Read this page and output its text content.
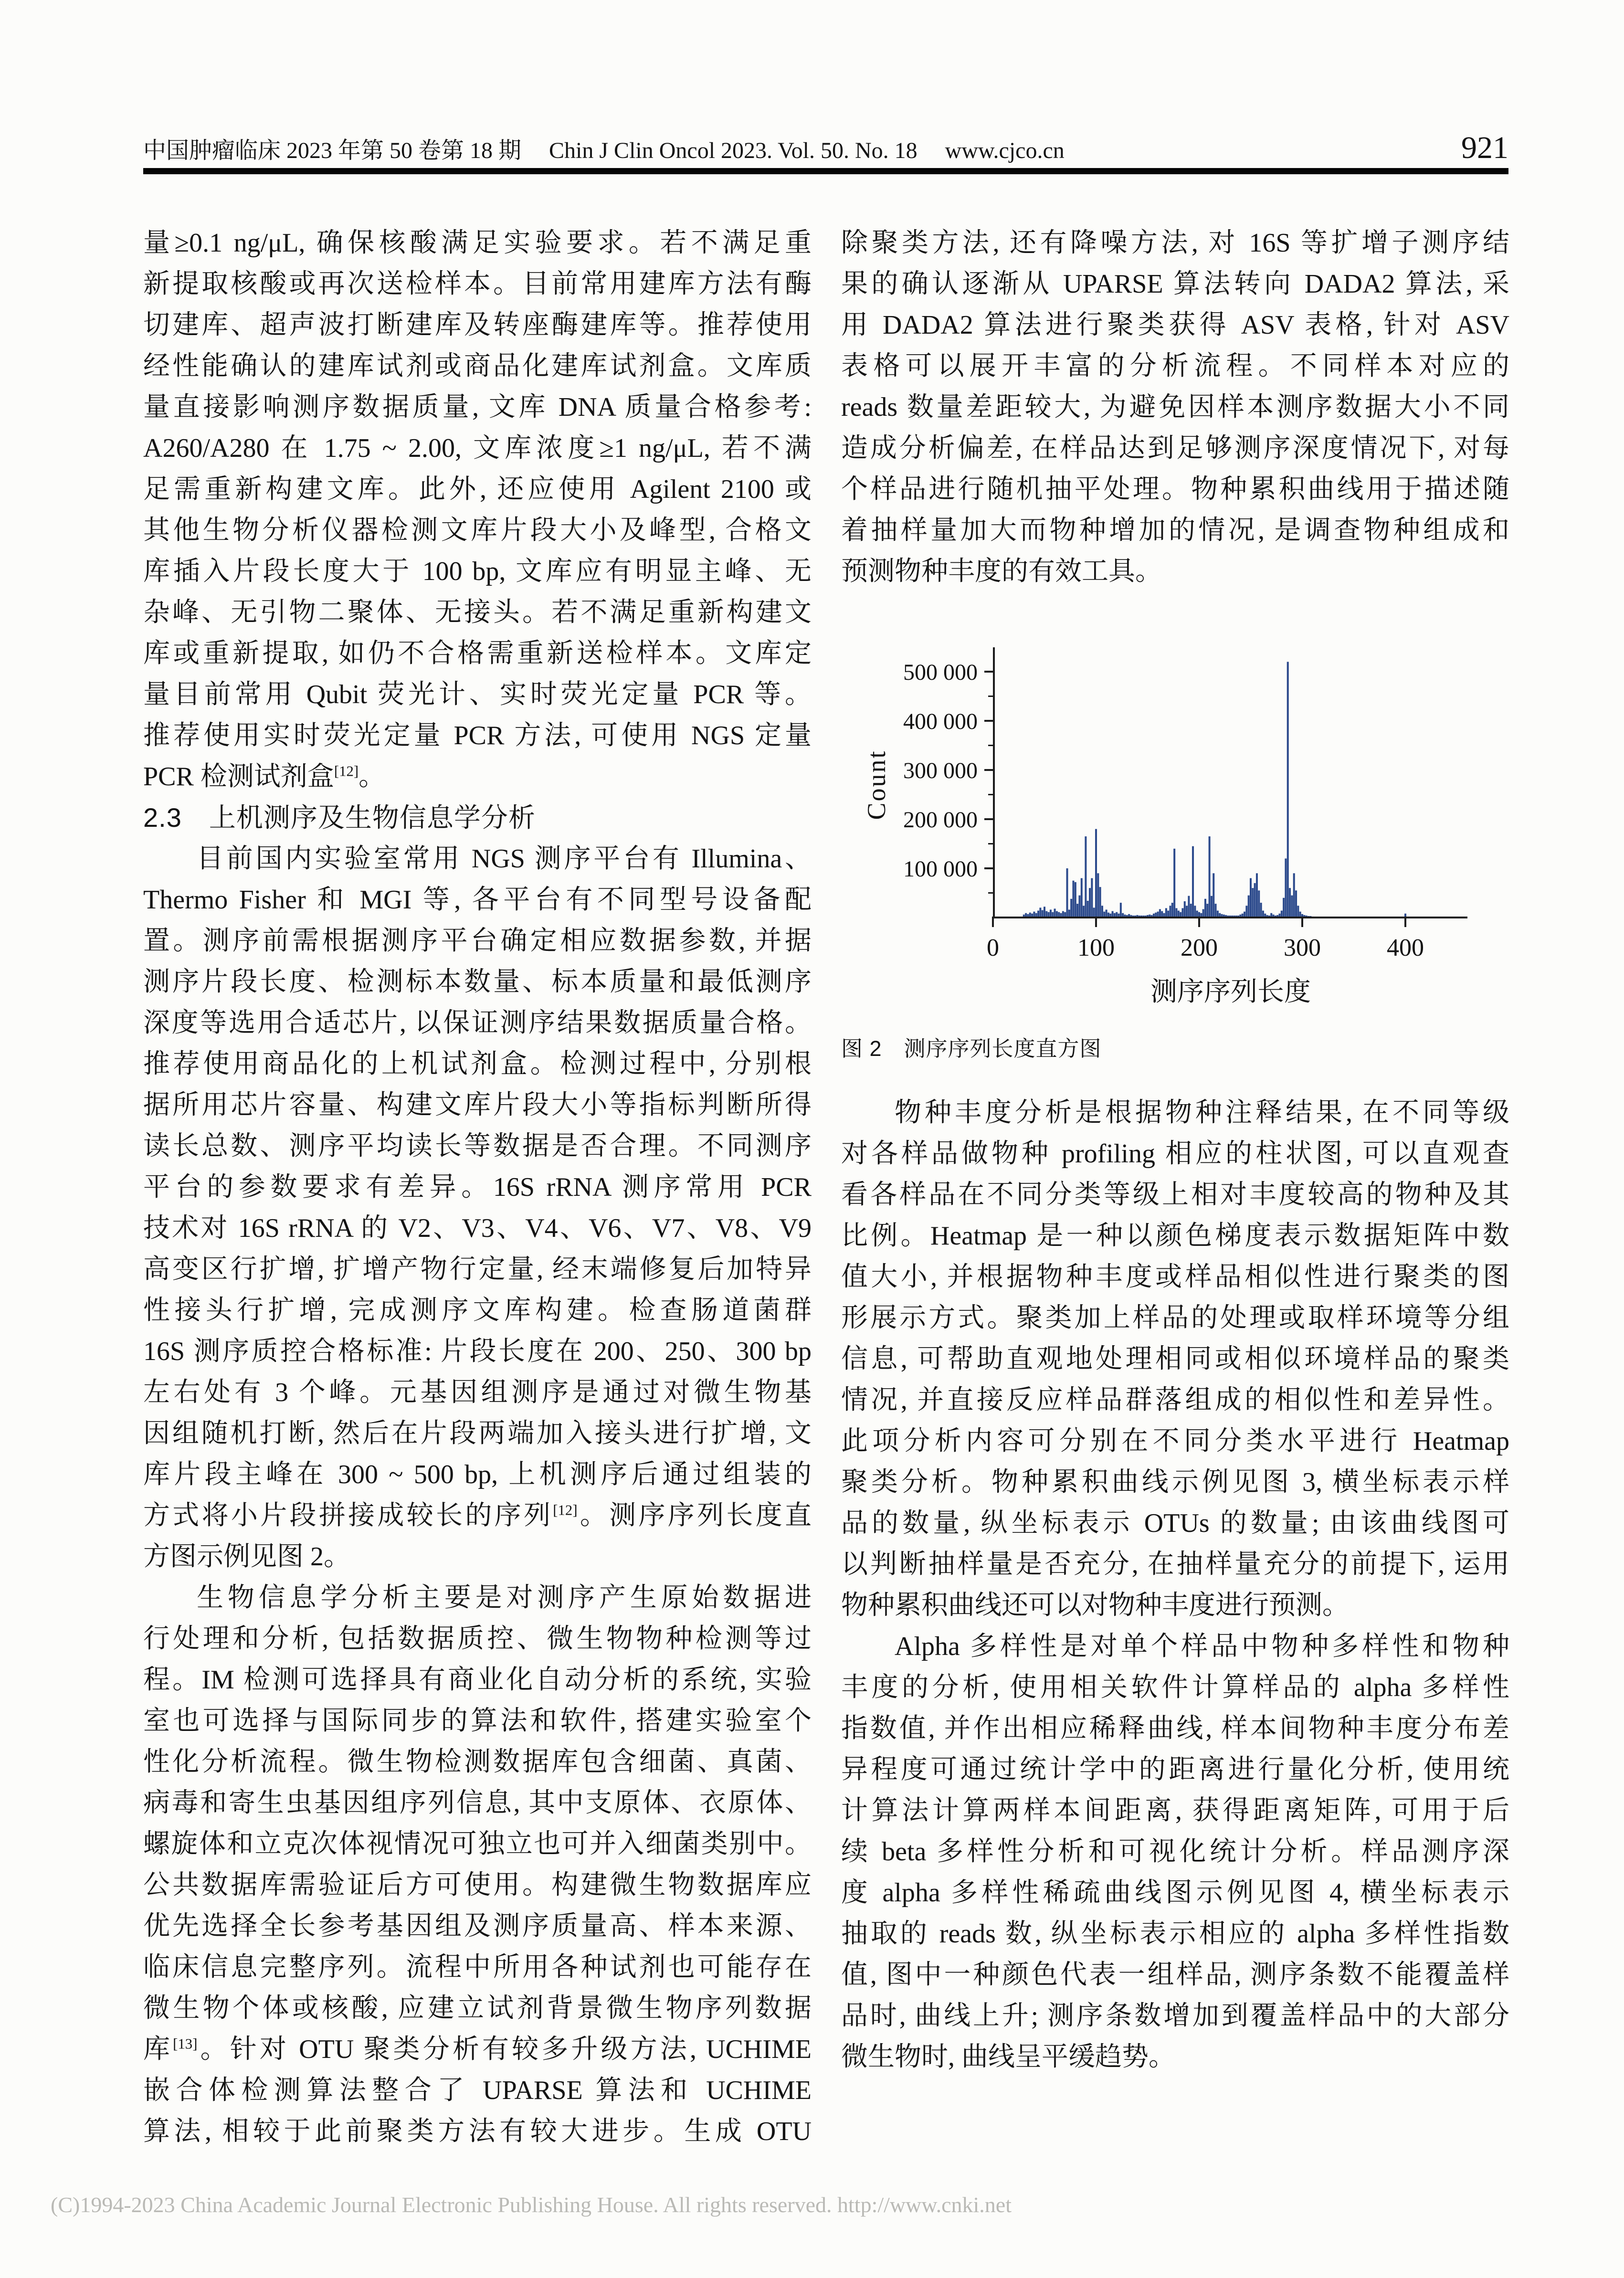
中国肿瘤临床 2023 年第 50 卷第 18 期 Chin J Clin Oncol 2023. Vol. 50. No. 18 www.cjco.cn	921
量≥0.1 ng/μL, 确保核酸满足实验要求。若不满足重
新提取核酸或再次送检样本。目前常用建库方法有酶
切建库、超声波打断建库及转座酶建库等。推荐使用
经性能确认的建库试剂或商品化建库试剂盒。文库质
量直接影响测序数据质量, 文库 DNA 质量合格参考:
A260/A280 在 1.75 ~ 2.00, 文库浓度≥1 ng/μL, 若不满
足需重新构建文库。此外, 还应使用 Agilent 2100 或
其他生物分析仪器检测文库片段大小及峰型, 合格文
库插入片段长度大于 100 bp, 文库应有明显主峰、无
杂峰、无引物二聚体、无接头。若不满足重新构建文
库或重新提取, 如仍不合格需重新送检样本。文库定
量目前常用 Qubit 荧光计、实时荧光定量 PCR 等。
推荐使用实时荧光定量 PCR 方法, 可使用 NGS 定量
PCR 检测试剂盒[12]。
2.3　上机测序及生物信息学分析
目前国内实验室常用 NGS 测序平台有 Illumina、
Thermo Fisher 和 MGI 等, 各平台有不同型号设备配
置。测序前需根据测序平台确定相应数据参数, 并据
测序片段长度、检测标本数量、标本质量和最低测序
深度等选用合适芯片, 以保证测序结果数据质量合格。
推荐使用商品化的上机试剂盒。检测过程中, 分别根
据所用芯片容量、构建文库片段大小等指标判断所得
读长总数、测序平均读长等数据是否合理。不同测序
平台的参数要求有差异。16S rRNA 测序常用 PCR
技术对 16S rRNA 的 V2、V3、V4、V6、V7、V8、V9
高变区行扩增, 扩增产物行定量, 经末端修复后加特异
性接头行扩增, 完成测序文库构建。检查肠道菌群
16S 测序质控合格标准: 片段长度在 200、250、300 bp
左右处有 3 个峰。元基因组测序是通过对微生物基
因组随机打断, 然后在片段两端加入接头进行扩增, 文
库片段主峰在 300 ~ 500 bp, 上机测序后通过组装的
方式将小片段拼接成较长的序列[12]。测序序列长度直
方图示例见图 2。
生物信息学分析主要是对测序产生原始数据进
行处理和分析, 包括数据质控、微生物物种检测等过
程。IM 检测可选择具有商业化自动分析的系统, 实验
室也可选择与国际同步的算法和软件, 搭建实验室个
性化分析流程。微生物检测数据库包含细菌、真菌、
病毒和寄生虫基因组序列信息, 其中支原体、衣原体、
螺旋体和立克次体视情况可独立也可并入细菌类别中。
公共数据库需验证后方可使用。构建微生物数据库应
优先选择全长参考基因组及测序质量高、样本来源、
临床信息完整序列。流程中所用各种试剂也可能存在
微生物个体或核酸, 应建立试剂背景微生物序列数据
库[13]。针对 OTU 聚类分析有较多升级方法, UCHIME
嵌合体检测算法整合了 UPARSE 算法和 UCHIME
算法, 相较于此前聚类方法有较大进步。生成 OTU
除聚类方法, 还有降噪方法, 对 16S 等扩增子测序结
果的确认逐渐从 UPARSE 算法转向 DADA2 算法, 采
用 DADA2 算法进行聚类获得 ASV 表格, 针对 ASV
表格可以展开丰富的分析流程。不同样本对应的
reads 数量差距较大, 为避免因样本测序数据大小不同
造成分析偏差, 在样品达到足够测序深度情况下, 对每
个样品进行随机抽平处理。物种累积曲线用于描述随
着抽样量加大而物种增加的情况, 是调查物种组成和
预测物种丰度的有效工具。
100 000
200 000
300 000
400 000
500 000
0	100	200	300	400
Count
测序序列长度
图 2　测序序列长度直方图
物种丰度分析是根据物种注释结果, 在不同等级
对各样品做物种 profiling 相应的柱状图, 可以直观查
看各样品在不同分类等级上相对丰度较高的物种及其
比例。Heatmap 是一种以颜色梯度表示数据矩阵中数
值大小, 并根据物种丰度或样品相似性进行聚类的图
形展示方式。聚类加上样品的处理或取样环境等分组
信息, 可帮助直观地处理相同或相似环境样品的聚类
情况, 并直接反应样品群落组成的相似性和差异性。
此项分析内容可分别在不同分类水平进行 Heatmap
聚类分析。物种累积曲线示例见图 3, 横坐标表示样
品的数量, 纵坐标表示 OTUs 的数量; 由该曲线图可
以判断抽样量是否充分, 在抽样量充分的前提下, 运用
物种累积曲线还可以对物种丰度进行预测。
Alpha 多样性是对单个样品中物种多样性和物种
丰度的分析, 使用相关软件计算样品的 alpha 多样性
指数值, 并作出相应稀释曲线, 样本间物种丰度分布差
异程度可通过统计学中的距离进行量化分析, 使用统
计算法计算两样本间距离, 获得距离矩阵, 可用于后
续 beta 多样性分析和可视化统计分析。样品测序深
度 alpha 多样性稀疏曲线图示例见图 4, 横坐标表示
抽取的 reads 数, 纵坐标表示相应的 alpha 多样性指数
值, 图中一种颜色代表一组样品, 测序条数不能覆盖样
品时, 曲线上升; 测序条数增加到覆盖样品中的大部分
微生物时, 曲线呈平缓趋势。
(C)1994-2023 China Academic Journal Electronic Publishing House. All rights reserved. http://www.cnki.net
